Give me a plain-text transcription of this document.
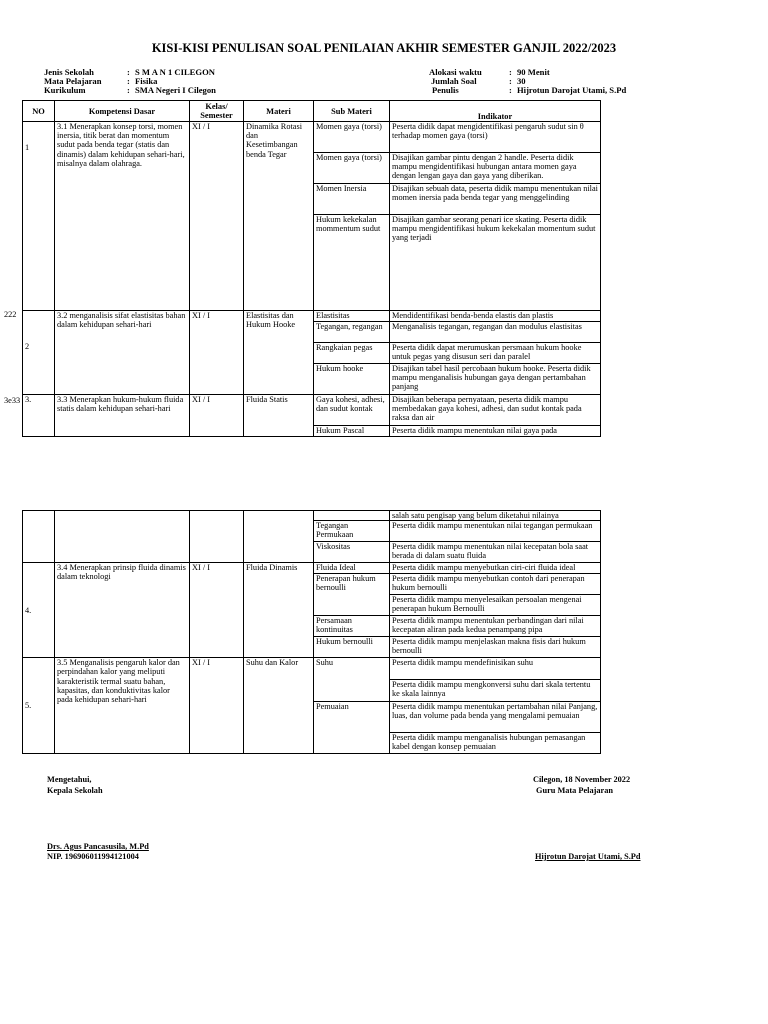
KISI-KISI PENULISAN SOAL PENILAIAN AKHIR SEMESTER GANJIL 2022/2023
Jenis Sekolah	: S M A N 1 CILEGON
Mata Pelajaran	: Fisika
Kurikulum	: SMA Negeri I Cilegon
Alokasi waktu	: 90 Menit
Jumlah Soal	: 30
Penulis	: Hijrotun Darojat Utami, S.Pd
222
3e33
NO	Kompetensi Dasar	Kelas/ Semester	Materi	Sub Materi	Indikator
1	3.1 Menerapkan konsep torsi, momen inersia, titik berat dan momentum sudut pada benda tegar (statis dan dinamis) dalam kehidupan sehari-hari, misalnya dalam olahraga.	XI / I	Dinamika Rotasi dan Kesetimbangan benda Tegar	Momen gaya (torsi)	Peserta didik dapat mengidentifikasi pengaruh sudut sin θ terhadap momen gaya (torsi)
				Momen gaya (torsi)	Disajikan gambar pintu dengan 2 handle. Peserta didik mampu mengidentifikasi hubungan antara momen gaya dengan lengan gaya dan gaya yang diberikan.
				Momen Inersia	Disajikan sebuah data, peserta didik mampu menentukan nilai momen inersia pada benda tegar yang menggelinding
				Hukum kekekalan mommentum sudut	Disajikan gambar seorang penari ice skating. Peserta didik mampu mengidentifikasi hukum kekekalan momentum sudut yang terjadi
2	3.2 menganalisis sifat elastisitas bahan dalam kehidupan sehari-hari	XI / I	Elastisitas dan Hukum Hooke	Elastisitas	Mendidentifikasi benda-benda elastis dan plastis
				Tegangan, regangan	Menganalisis tegangan, regangan dan modulus elastisitas
				Rangkaian pegas	Peserta didik dapat merumuskan persmaan hukum hooke untuk pegas yang disusun seri dan paralel
				Hukum hooke	Disajikan tabel hasil percobaan hukum hooke. Peserta didik mampu menganalisis hubungan gaya dengan pertambahan panjang
3.	3.3 Menerapkan hukum-hukum fluida statis dalam kehidupan sehari-hari	XI / I	Fluida Statis	Gaya kohesi, adhesi, dan sudut kontak	Disajikan beberapa pernyataan, peserta didik mampu membedakan gaya kohesi, adhesi, dan sudut kontak pada raksa dan air
				Hukum Pascal	Peserta didik mampu menentukan nilai gaya pada
					salah satu pengisap yang belum diketahui nilainya
				Tegangan Permukaan	Peserta didik mampu menentukan nilai tegangan permukaan
				Viskositas	Peserta didik mampu menentukan nilai kecepatan bola saat berada di dalam suatu fluida
4.	3.4 Menerapkan prinsip fluida dinamis dalam teknologi	XI / I	Fluida Dinamis	Fluida Ideal	Peserta didik mampu menyebutkan ciri-ciri fluida ideal
				Penerapan hukum bernoulli	Peserta didik mampu menyebutkan contoh dari penerapan hukum bernoulli
					Peserta didik mampu menyelesaikan persoalan mengenai penerapan hukum Bernoulli
				Persamaan kontinuitas	Peserta didik mampu menentukan perbandingan dari nilai kecepatan aliran pada kedua penampang pipa
				Hukum bernoulli	Peserta didik mampu menjelaskan makna fisis dari hukum bernoulli
5.	3.5 Menganalisis pengaruh kalor dan perpindahan kalor yang meliputi karakteristik termal suatu bahan, kapasitas, dan konduktivitas kalor pada kehidupan sehari-hari	XI / I	Suhu dan Kalor	Suhu	Peserta didik mampu mendefinisikan suhu
					Peserta didik mampu mengkonversi suhu dari skala tertentu ke skala lainnya
				Pemuaian	Peserta didik mampu menentukan pertambahan nilai Panjang, luas, dan volume pada benda yang mengalami pemuaian
					Peserta didik mampu menganalisis hubungan pemasangan kabel dengan konsep pemuaian
Mengetahui,
Kepala Sekolah
Cilegon, 18 November 2022
Guru Mata Pelajaran
Drs. Agus Pancasusila, M.Pd
NIP. 196906011994121004	Hijrotun Darojat Utami, S.Pd
